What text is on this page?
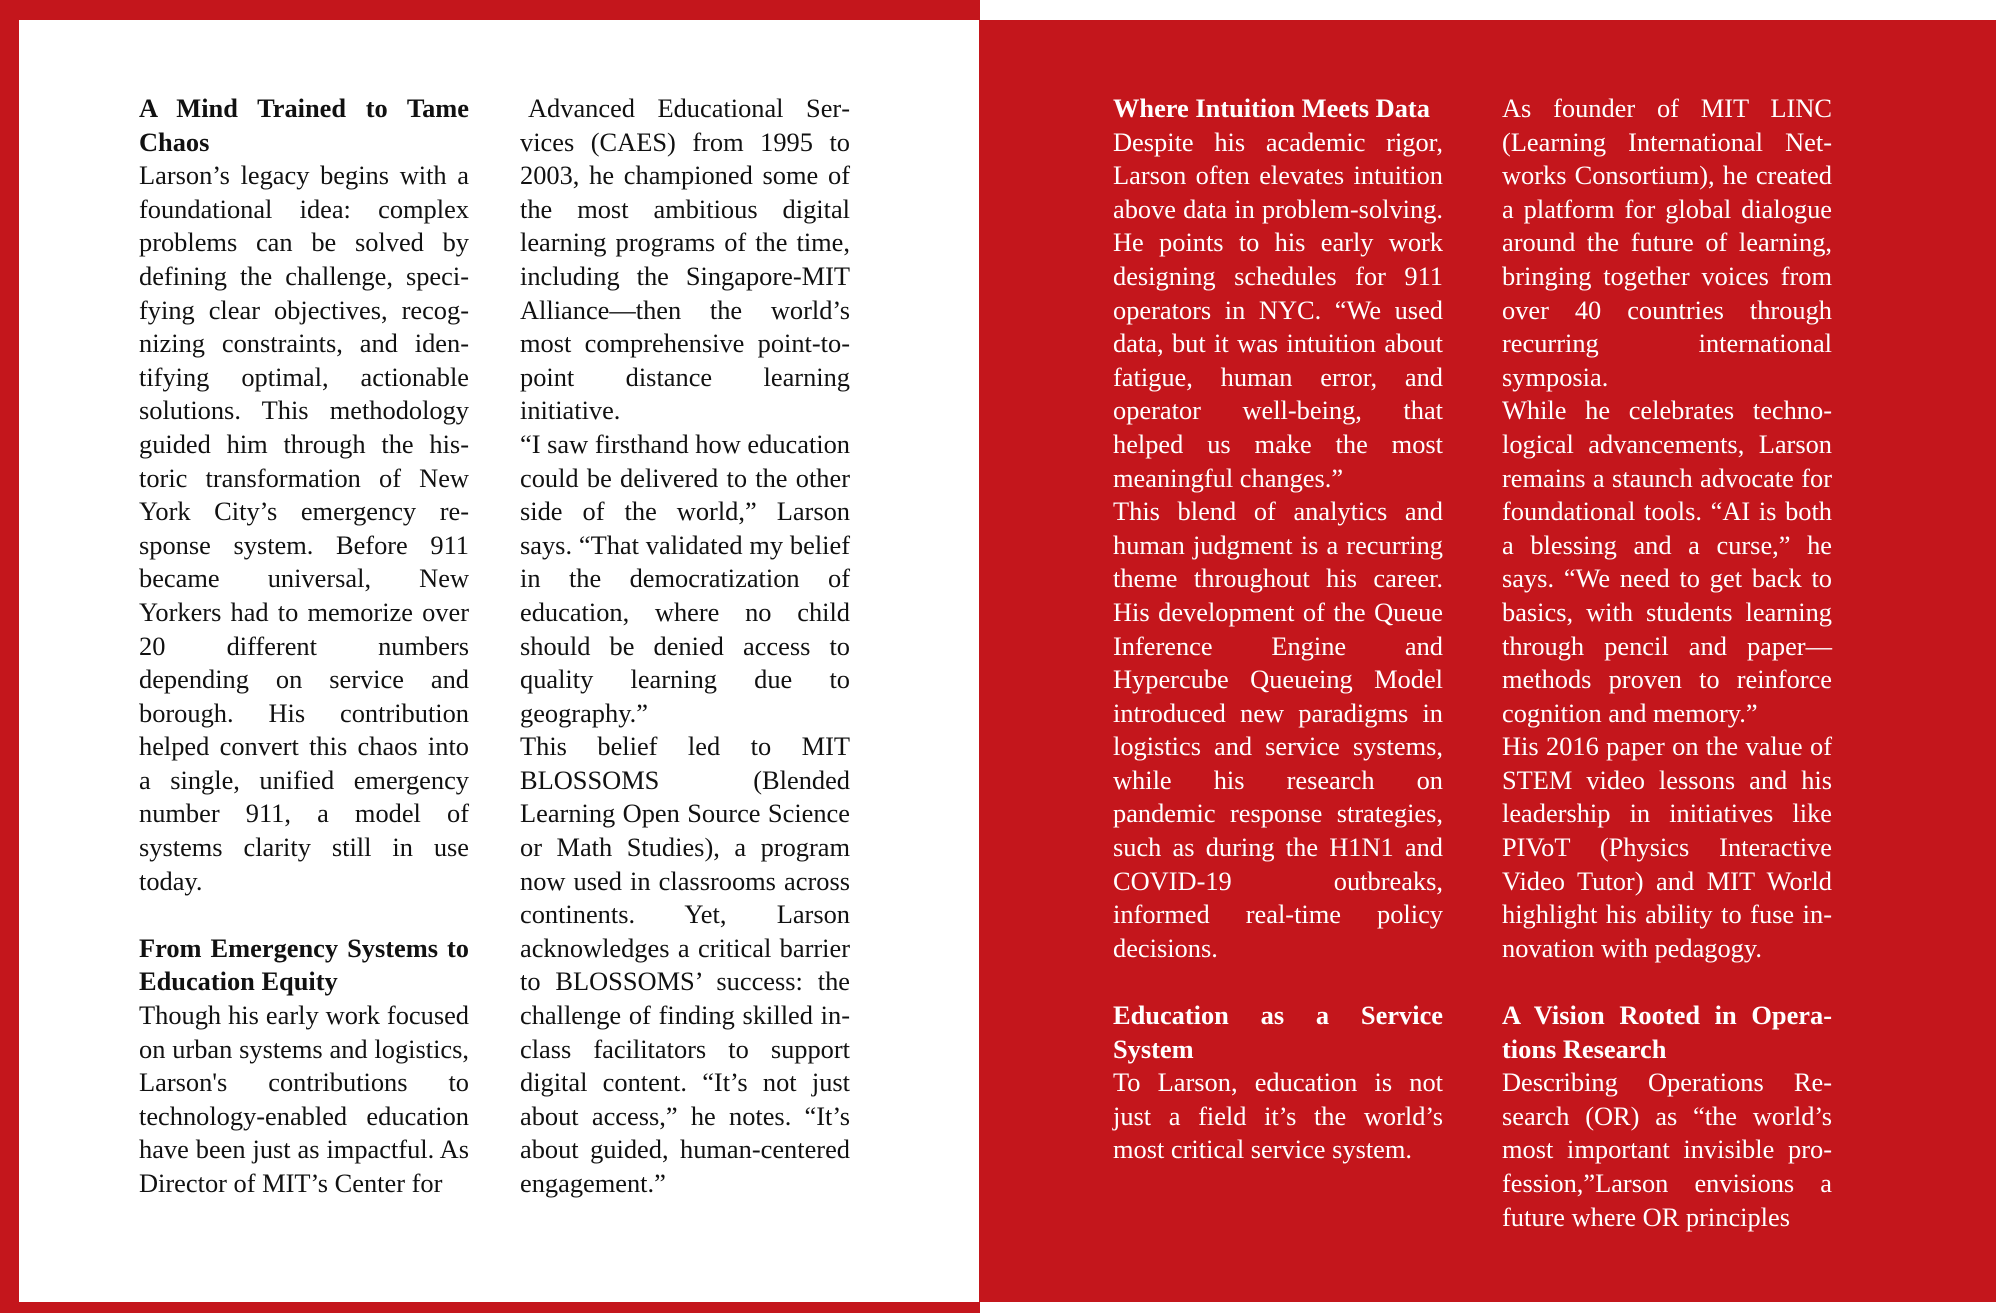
A Mind Trained to Tame Chaos

Larson’s legacy begins with a foundational idea: complex problems can be solved by defining the challenge, specifying clear objectives, recognizing constraints, and identifying optimal, actionable solutions. This methodology guided him through the historic transformation of New York City’s emergency response system. Before 911 became universal, New Yorkers had to memorize over 20 different numbers depending on service and borough. His contribution helped convert this chaos into a single, unified emergency number 911, a model of systems clarity still in use today.

From Emergency Systems to Education Equity

Though his early work focused on urban systems and logistics, Larson's contributions to technology-enabled education have been just as impactful. As Director of MIT’s Center for

Advanced Educational Services (CAES) from 1995 to 2003, he championed some of the most ambitious digital learning programs of the time, including the Singapore-MIT Alliance—then the world’s most comprehensive point-to-point distance learning initiative.

“I saw firsthand how education could be delivered to the other side of the world,” Larson says. “That validated my belief in the democratization of education, where no child should be denied access to quality learning due to geography.”

This belief led to MIT BLOSSOMS (Blended Learning Open Source Science or Math Studies), a program now used in classrooms across continents. Yet, Larson acknowledges a critical barrier to BLOSSOMS’ success: the challenge of finding skilled in-class facilitators to support digital content. “It’s not just about access,” he notes. “It’s about guided, human-centered engagement.”

Where Intuition Meets Data

Despite his academic rigor, Larson often elevates intuition above data in problem-solving. He points to his early work designing schedules for 911 operators in NYC. “We used data, but it was intuition about fatigue, human error, and operator well-being, that helped us make the most meaningful changes.”

This blend of analytics and human judgment is a recurring theme throughout his career. His development of the Queue Inference Engine and Hypercube Queueing Model introduced new paradigms in logistics and service systems, while his research on pandemic response strategies, such as during the H1N1 and COVID-19 outbreaks, informed real-time policy decisions.

Education as a Service System

To Larson, education is not just a field it’s the world’s most critical service system.

As founder of MIT LINC (Learning International Networks Consortium), he created a platform for global dialogue around the future of learning, bringing together voices from over 40 countries through recurring international symposia.

While he celebrates technological advancements, Larson remains a staunch advocate for foundational tools. “AI is both a blessing and a curse,” he says. “We need to get back to basics, with students learning through pencil and paper—methods proven to reinforce cognition and memory.”

His 2016 paper on the value of STEM video lessons and his leadership in initiatives like PIVoT (Physics Interactive Video Tutor) and MIT World highlight his ability to fuse innovation with pedagogy.

A Vision Rooted in Operations Research

Describing Operations Research (OR) as “the world’s most important invisible profession,”Larson envisions a future where OR principles
